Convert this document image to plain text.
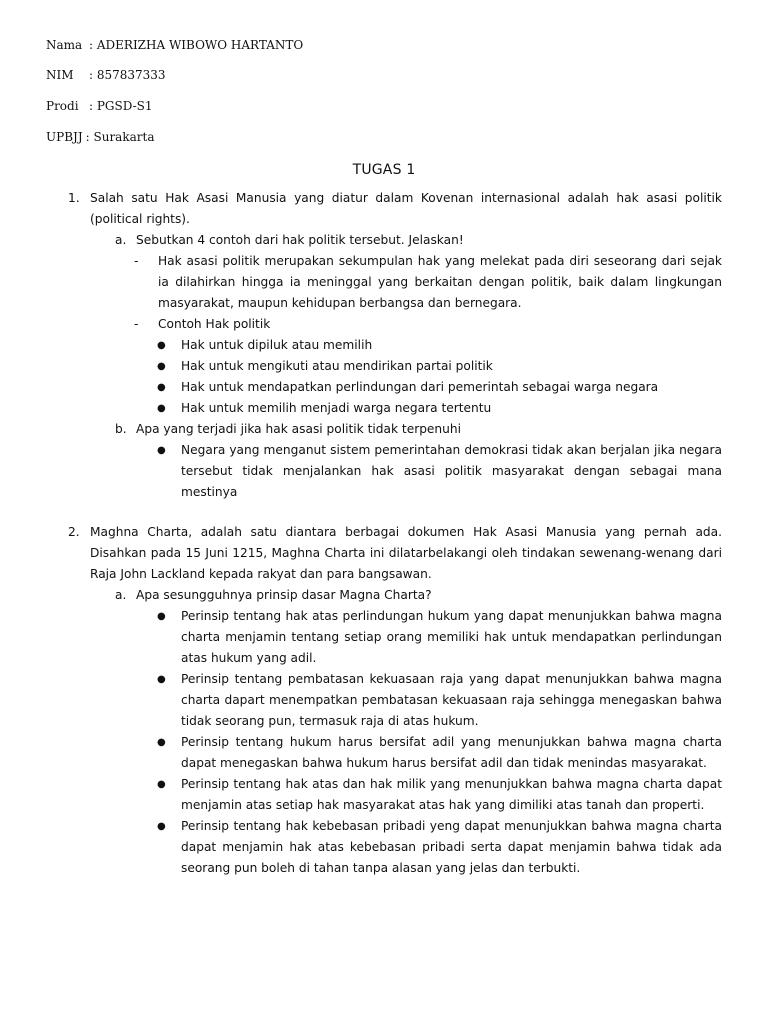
Nama : ADERIZHA WIBOWO HARTANTO
NIM : 857837333
Prodi : PGSD-S1
UPBJJ : Surakarta
TUGAS 1
1. Salah satu Hak Asasi Manusia yang diatur dalam Kovenan internasional adalah hak asasi politik (political rights).
a. Sebutkan 4 contoh dari hak politik tersebut. Jelaskan!
- Hak asasi politik merupakan sekumpulan hak yang melekat pada diri seseorang dari sejak ia dilahirkan hingga ia meninggal yang berkaitan dengan politik, baik dalam lingkungan masyarakat, maupun kehidupan berbangsa dan bernegara.
- Contoh Hak politik
● Hak untuk dipiluk atau memilih
● Hak untuk mengikuti atau mendirikan partai politik
● Hak untuk mendapatkan perlindungan dari pemerintah sebagai warga negara
● Hak untuk memilih menjadi warga negara tertentu
b. Apa yang terjadi jika hak asasi politik tidak terpenuhi
● Negara yang menganut sistem pemerintahan demokrasi tidak akan berjalan jika negara tersebut tidak menjalankan hak asasi politik masyarakat dengan sebagai mana mestinya
2. Maghna Charta, adalah satu diantara berbagai dokumen Hak Asasi Manusia yang pernah ada. Disahkan pada 15 Juni 1215, Maghna Charta ini dilatarbelakangi oleh tindakan sewenang-wenang dari Raja John Lackland kepada rakyat dan para bangsawan.
a. Apa sesungguhnya prinsip dasar Magna Charta?
● Perinsip tentang hak atas perlindungan hukum yang dapat menunjukkan bahwa magna charta menjamin tentang setiap orang memiliki hak untuk mendapatkan perlindungan atas hukum yang adil.
● Perinsip tentang pembatasan kekuasaan raja yang dapat menunjukkan bahwa magna charta dapart menempatkan pembatasan kekuasaan raja sehingga menegaskan bahwa tidak seorang pun, termasuk raja di atas hukum.
● Perinsip tentang hukum harus bersifat adil yang menunjukkan bahwa magna charta dapat menegaskan bahwa hukum harus bersifat adil dan tidak menindas masyarakat.
● Perinsip tentang hak atas dan hak milik yang menunjukkan bahwa magna charta dapat menjamin atas setiap hak masyarakat atas hak yang dimiliki atas tanah dan properti.
● Perinsip tentang hak kebebasan pribadi yeng dapat menunjukkan bahwa magna charta dapat menjamin hak atas kebebasan pribadi serta dapat menjamin bahwa tidak ada seorang pun boleh di tahan tanpa alasan yang jelas dan terbukti.
